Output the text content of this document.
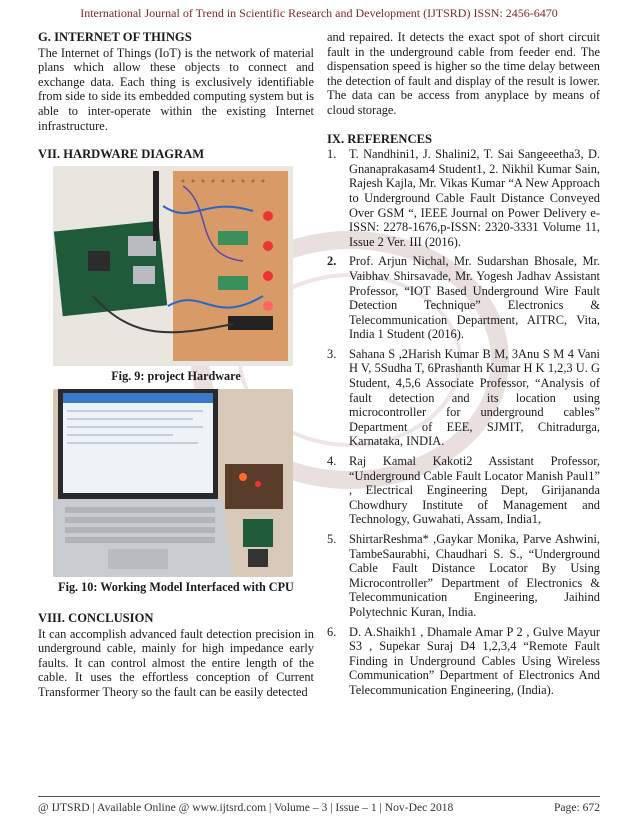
International Journal of Trend in Scientific Research and Development (IJTSRD) ISSN: 2456-6470

G. INTERNET OF THINGS

The Internet of Things (IoT) is the network of material plans which allow these objects to connect and exchange data. Each thing is exclusively identifiable from side to side its embedded computing system but is able to inter-operate within the existing Internet infrastructure.

VII. HARDWARE DIAGRAM

Fig. 9: project Hardware

Fig. 10: Working Model Interfaced with CPU

VIII. CONCLUSION

It can accomplish advanced fault detection precision in underground cable, mainly for high impedance early faults. It can control almost the entire length of the cable. It uses the effortless conception of Current Transformer Theory so the fault can be easily detected

and repaired. It detects the exact spot of short circuit fault in the underground cable from feeder end. The dispensation speed is higher so the time delay between the detection of fault and display of the result is lower. The data can be access from anyplace by means of cloud storage.

IX. REFERENCES

1.	T. Nandhini1, J. Shalini2, T. Sai Sangeeetha3, D. Gnanaprakasam4 Student1, 2. Nikhil Kumar Sain, Rajesh Kajla, Mr. Vikas Kumar “A New Approach to Underground Cable Fault Distance Conveyed Over GSM “, IEEE Journal on Power Delivery e-ISSN: 2278-1676,p-ISSN: 2320-3331 Volume 11, Issue 2 Ver. III (2016).
2.	Prof. Arjun Nichal, Mr. Sudarshan Bhosale, Mr. Vaibhav Shirsavade, Mr. Yogesh Jadhav Assistant Professor, “IOT Based Underground Wire Fault Detection Technique” Electronics & Telecommunication Department, AITRC, Vita, India 1 Student (2016).
3.	Sahana S ,2Harish Kumar B M, 3Anu S M 4 Vani H V, 5Sudha T, 6Prashanth Kumar H K 1,2,3 U. G Student, 4,5,6 Associate Professor, “Analysis of fault detection and its location using microcontroller for underground cables” Department of EEE, SJMIT, Chitradurga, Karnataka, INDIA.
4.	Raj Kamal Kakoti2 Assistant Professor, “Underground Cable Fault Locator Manish Paul1” , Electrical Engineering Dept, Girijananda Chowdhury Institute of Management and Technology, Guwahati, Assam, India1,
5.	ShirtarReshma* ,Gaykar Monika, Parve Ashwini, TambeSaurabhi, Chaudhari S. S., “Underground Cable Fault Distance Locator By Using Microcontroller” Department of Electronics & Telecommunication Engineering, Jaihind Polytechnic Kuran, India.
6.	D. A.Shaikh1 , Dhamale Amar P 2 , Gulve Mayur S3 , Supekar Suraj D4 1,2,3,4 “Remote Fault Finding in Underground Cables Using Wireless Communication” Department of Electronics And Telecommunication Engineering, (India).
@ IJTSRD | Available Online @ www.ijtsrd.com | Volume – 3 | Issue – 1 | Nov-Dec 2018	Page: 672
